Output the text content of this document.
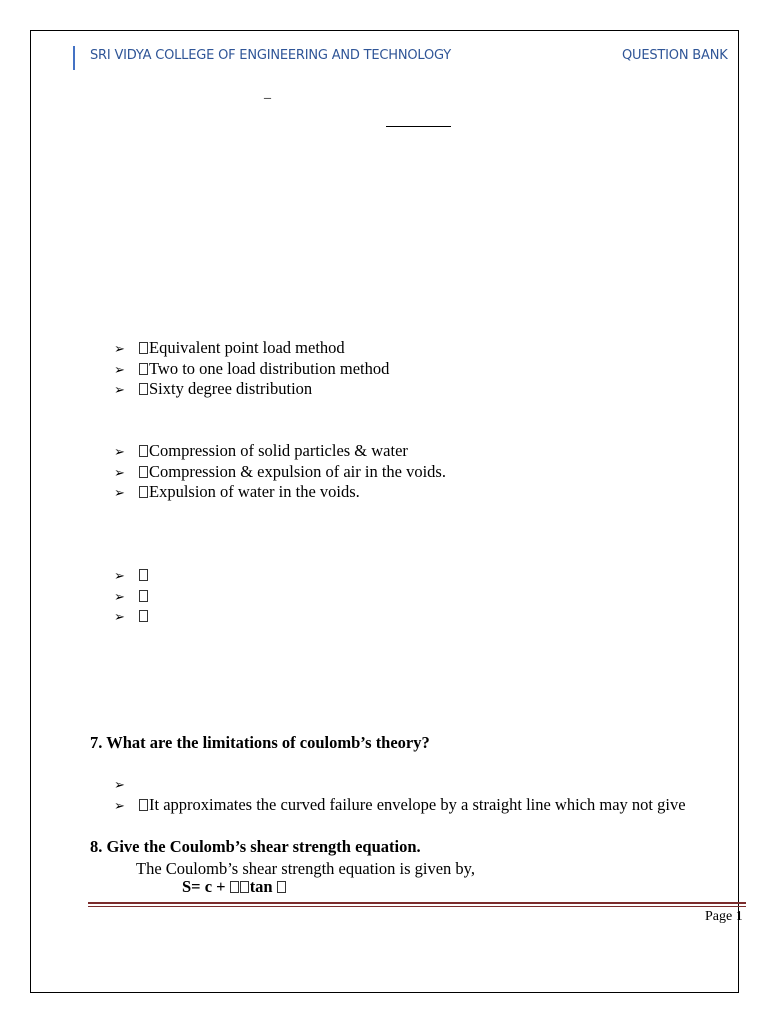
SRI VIDYA COLLEGE OF ENGINEERING AND TECHNOLOGY	QUESTION BANK
_
➢ Equivalent point load method
➢ Two to one load distribution method
➢ Sixty degree distribution
➢ Compression of solid particles & water
➢ Compression & expulsion of air in the voids.
➢ Expulsion of water in the voids.
➢
➢
➢
7. What are the limitations of coulomb’s theory?
➢
➢ It approximates the curved failure envelope by a straight line which may not give
8. Give the Coulomb’s shear strength equation.
The Coulomb’s shear strength equation is given by,
S= c + tan
Page 1
